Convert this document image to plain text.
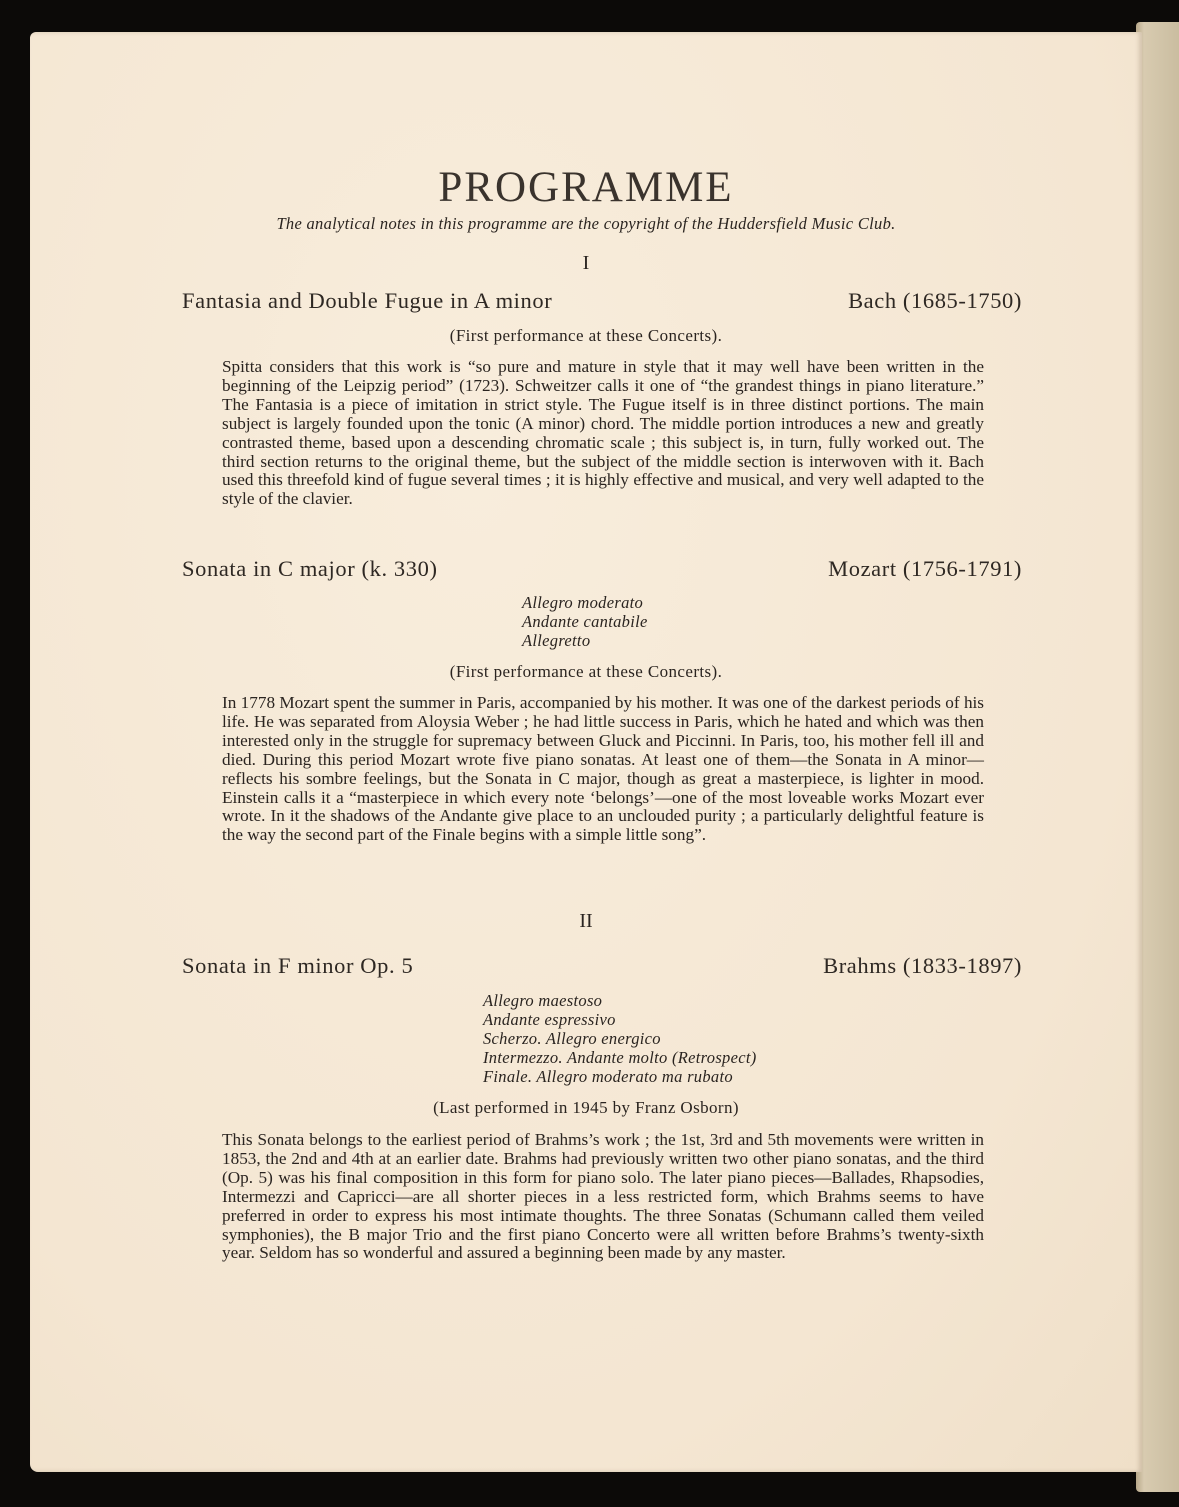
PROGRAMME
The analytical notes in this programme are the copyright of the Huddersfield Music Club.
I
Fantasia and Double Fugue in A minor	Bach (1685-1750)
(First performance at these Concerts).
Spitta considers that this work is “so pure and mature in style that it may well have been written in the beginning of the Leipzig period” (1723). Schweitzer calls it one of “the grandest things in piano literature.” The Fantasia is a piece of imitation in strict style. The Fugue itself is in three distinct portions. The main subject is largely founded upon the tonic (A minor) chord. The middle portion introduces a new and greatly contrasted theme, based upon a descending chromatic scale ; this subject is, in turn, fully worked out. The third section returns to the original theme, but the subject of the middle section is interwoven with it. Bach used this threefold kind of fugue several times ; it is highly effective and musical, and very well adapted to the style of the clavier.
Sonata in C major (k. 330)	Mozart (1756-1791)
Allegro moderato
Andante cantabile
Allegretto
(First performance at these Concerts).
In 1778 Mozart spent the summer in Paris, accompanied by his mother. It was one of the darkest periods of his life. He was separated from Aloysia Weber ; he had little success in Paris, which he hated and which was then interested only in the struggle for supremacy between Gluck and Piccinni. In Paris, too, his mother fell ill and died. During this period Mozart wrote five piano sonatas. At least one of them—the Sonata in A minor—reflects his sombre feelings, but the Sonata in C major, though as great a masterpiece, is lighter in mood. Einstein calls it a “masterpiece in which every note ‘belongs’—one of the most loveable works Mozart ever wrote. In it the shadows of the Andante give place to an unclouded purity ; a particularly delightful feature is the way the second part of the Finale begins with a simple little song”.
II
Sonata in F minor Op. 5	Brahms (1833-1897)
Allegro maestoso
Andante espressivo
Scherzo. Allegro energico
Intermezzo. Andante molto (Retrospect)
Finale. Allegro moderato ma rubato
(Last performed in 1945 by Franz Osborn)
This Sonata belongs to the earliest period of Brahms’s work ; the 1st, 3rd and 5th movements were written in 1853, the 2nd and 4th at an earlier date. Brahms had previously written two other piano sonatas, and the third (Op. 5) was his final composition in this form for piano solo. The later piano pieces—Ballades, Rhapsodies, Intermezzi and Capricci—are all shorter pieces in a less restricted form, which Brahms seems to have preferred in order to express his most intimate thoughts. The three Sonatas (Schumann called them veiled symphonies), the B major Trio and the first piano Concerto were all written before Brahms’s twenty-sixth year. Seldom has so wonderful and assured a beginning been made by any master.
